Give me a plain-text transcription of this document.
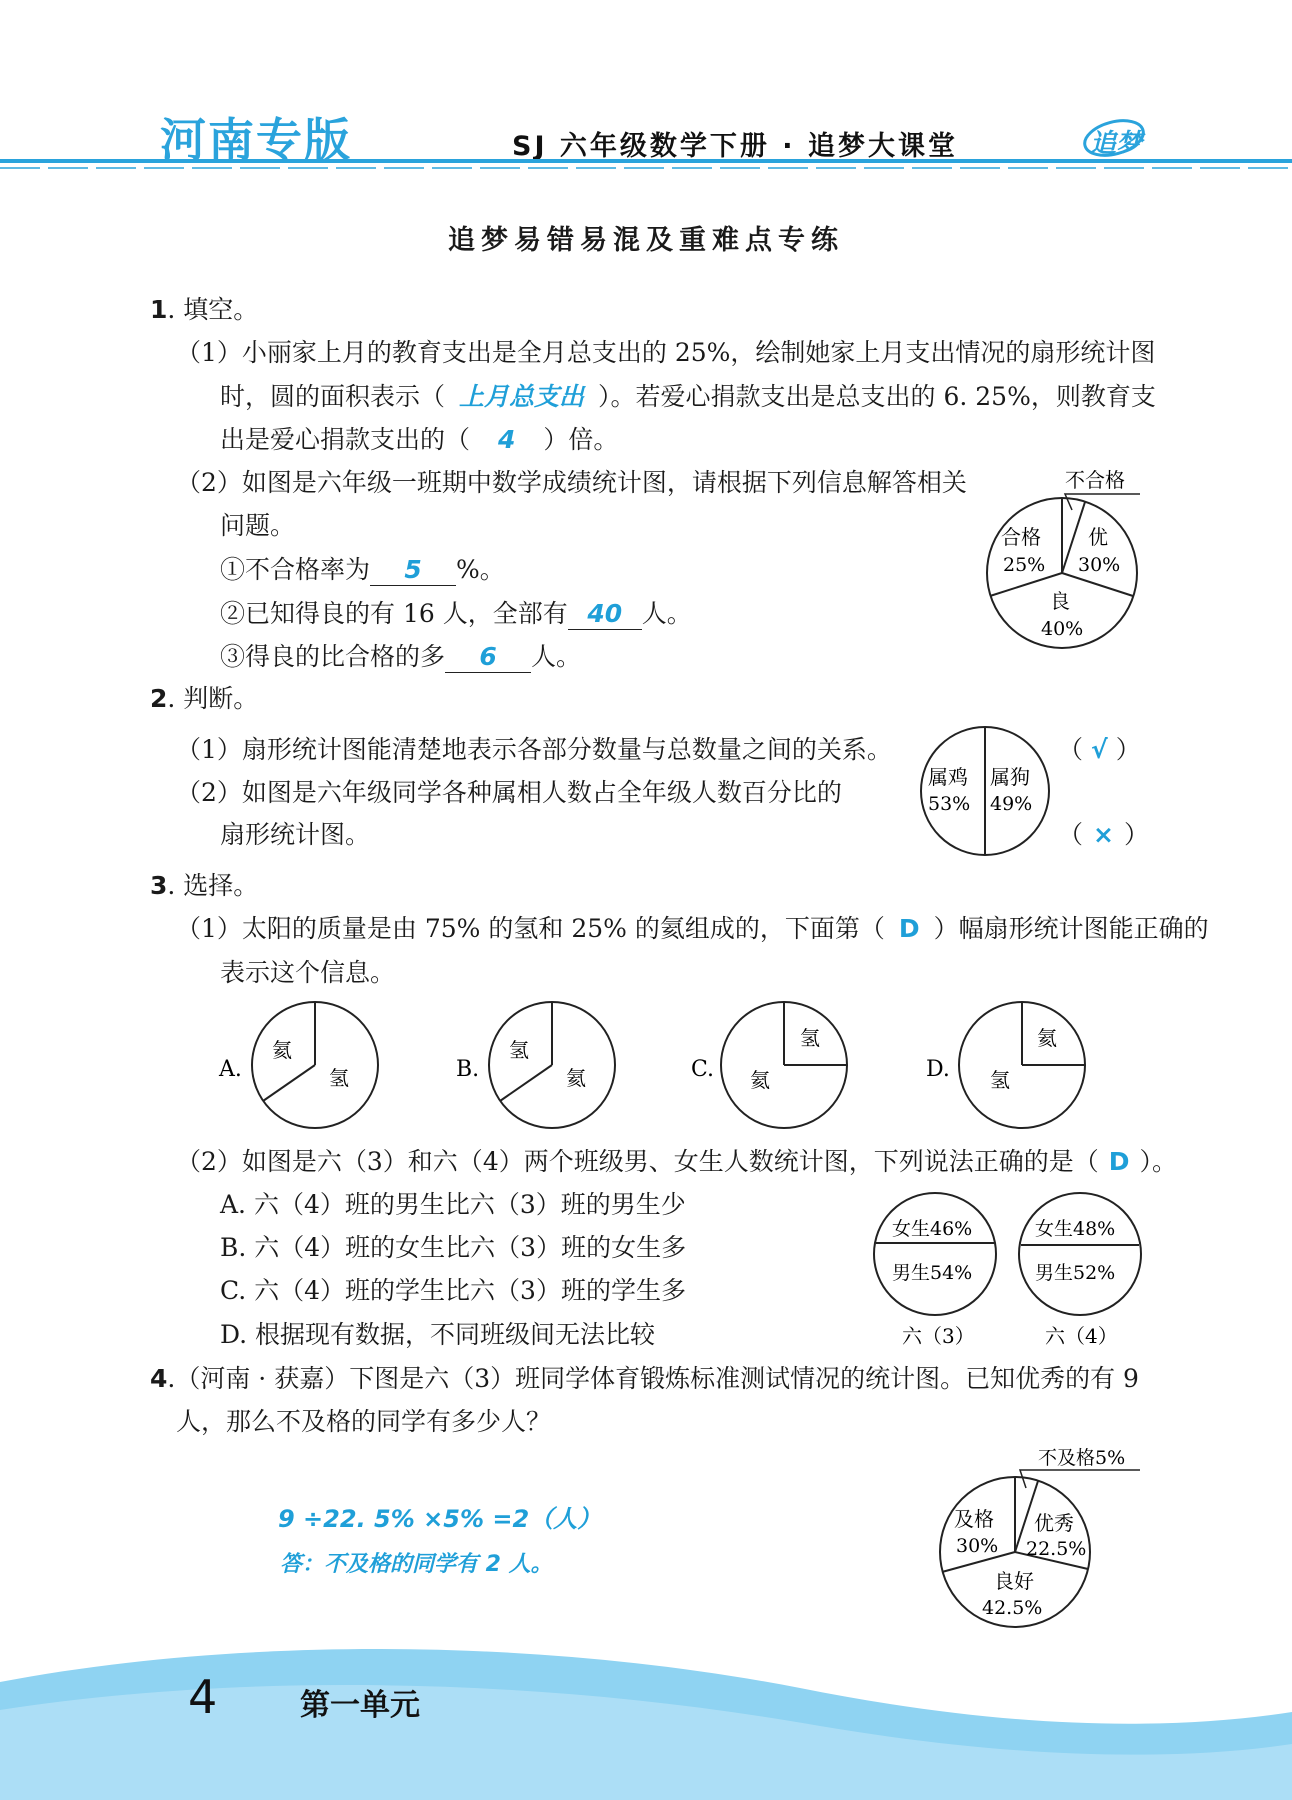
河南专版	SJ 六年级数学下册 · 追梦大课堂	追梦
追梦易错易混及重难点专练
1. 填空。
（1）小丽家上月的教育支出是全月总支出的 25%，绘制她家上月支出情况的扇形统计图
时，圆的面积表示（ 上月总支出 ）。若爱心捐款支出是总支出的 6. 25%，则教育支
出是爱心捐款支出的（ 4 ）倍。
（2）如图是六年级一班期中数学成绩统计图，请根据下列信息解答相关
问题。
①不合格率为 5 %。
②已知得良的有 16 人，全部有 40 人。
③得良的比合格的多 6 人。
不合格
合格
25%
优
30%
良
40%
2. 判断。
（1）扇形统计图能清楚地表示各部分数量与总数量之间的关系。
（2）如图是六年级同学各种属相人数占全年级人数百分比的
扇形统计图。
（ √ ）
（ × ）
属鸡
53%
属狗
49%
3. 选择。
（1）太阳的质量是由 75% 的氢和 25% 的氦组成的，下面第（ D ）幅扇形统计图能正确的
表示这个信息。
A.
氦
氢	B.
氢
氦	C.
氢
氦	D.
氦
氢
（2）如图是六（3）和六（4）两个班级男、女生人数统计图，下列说法正确的是（ D ）。
A. 六（4）班的男生比六（3）班的男生少
B. 六（4）班的女生比六（3）班的女生多
C. 六（4）班的学生比六（3）班的学生多
D. 根据现有数据，不同班级间无法比较
女生46%
男生54%
六（3）
女生48%
男生52%
六（4）
4.（河南 · 获嘉）下图是六（3）班同学体育锻炼标准测试情况的统计图。已知优秀的有 9
人，那么不及格的同学有多少人？
9 ÷22. 5% ×5% =2（人）
答：不及格的同学有 2 人。
不及格5%
及格
30%
优秀
22.5%
良好
42.5%
4	第一单元
